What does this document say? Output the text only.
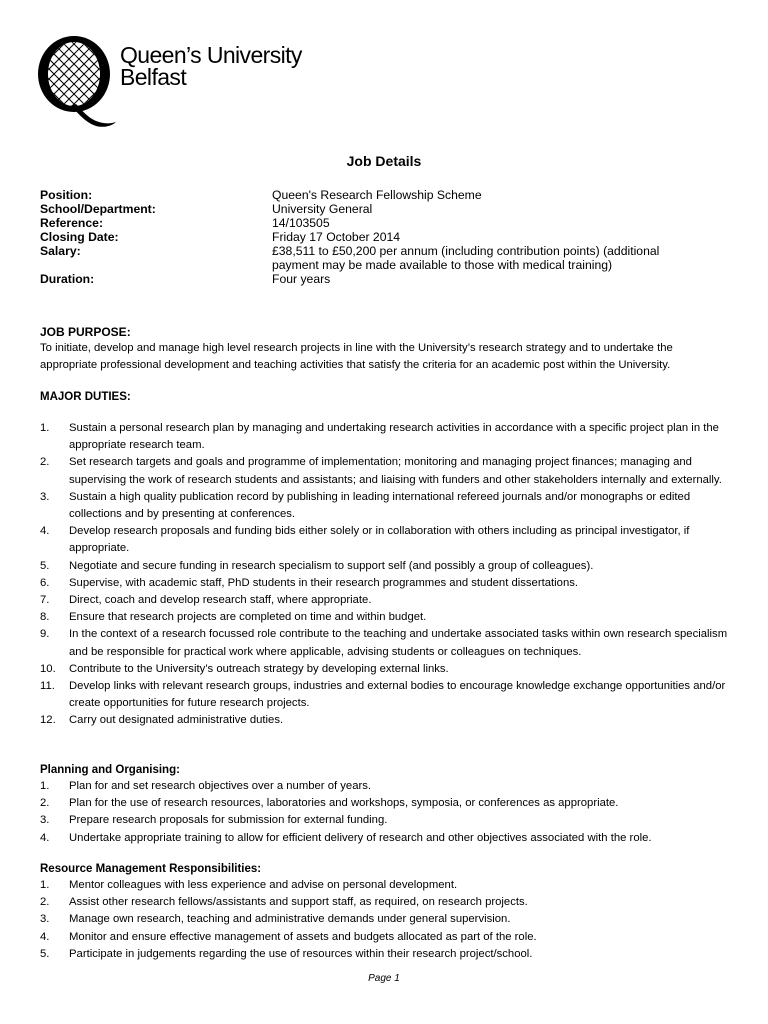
Queen’s University
Belfast
Job Details
Position:	Queen's Research Fellowship Scheme
School/Department:	University General
Reference:	14/103505
Closing Date:	Friday 17 October 2014
Salary:	£38,511 to £50,200 per annum (including contribution points) (additional payment may be made available to those with medical training)
Duration:	Four years
JOB PURPOSE:
To initiate, develop and manage high level research projects in line with the University’s research strategy and to undertake the appropriate professional development and teaching activities that satisfy the criteria for an academic post within the University.
MAJOR DUTIES:
1.	Sustain a personal research plan by managing and undertaking research activities in accordance with a specific project plan in the appropriate research team.
2.	Set research targets and goals and programme of implementation; monitoring and managing project finances; managing and supervising the work of research students and assistants; and liaising with funders and other stakeholders internally and externally.
3.	Sustain a high quality publication record by publishing in leading international refereed journals and/or monographs or edited collections and by presenting at conferences.
4.	Develop research proposals and funding bids either solely or in collaboration with others including as principal investigator, if appropriate.
5.	Negotiate and secure funding in research specialism to support self (and possibly a group of colleagues).
6.	Supervise, with academic staff, PhD students in their research programmes and student dissertations.
7.	Direct, coach and develop research staff, where appropriate.
8.	Ensure that research projects are completed on time and within budget.
9.	In the context of a research focussed role contribute to the teaching and undertake associated tasks within own research specialism and be responsible for practical work where applicable, advising students or colleagues on techniques.
10.	Contribute to the University’s outreach strategy by developing external links.
11.	Develop links with relevant research groups, industries and external bodies to encourage knowledge exchange opportunities and/or create opportunities for future research projects.
12.	Carry out designated administrative duties.
Planning and Organising:
1.	Plan for and set research objectives over a number of years.
2.	Plan for the use of research resources, laboratories and workshops, symposia, or conferences as appropriate.
3.	Prepare research proposals for submission for external funding.
4.	Undertake appropriate training to allow for efficient delivery of research and other objectives associated with the role.
Resource Management Responsibilities:
1.	Mentor colleagues with less experience and advise on personal development.
2.	Assist other research fellows/assistants and support staff, as required, on research projects.
3.	Manage own research, teaching and administrative demands under general supervision.
4.	Monitor and ensure effective management of assets and budgets allocated as part of the role.
5.	Participate in judgements regarding the use of resources within their research project/school.
Page 1
